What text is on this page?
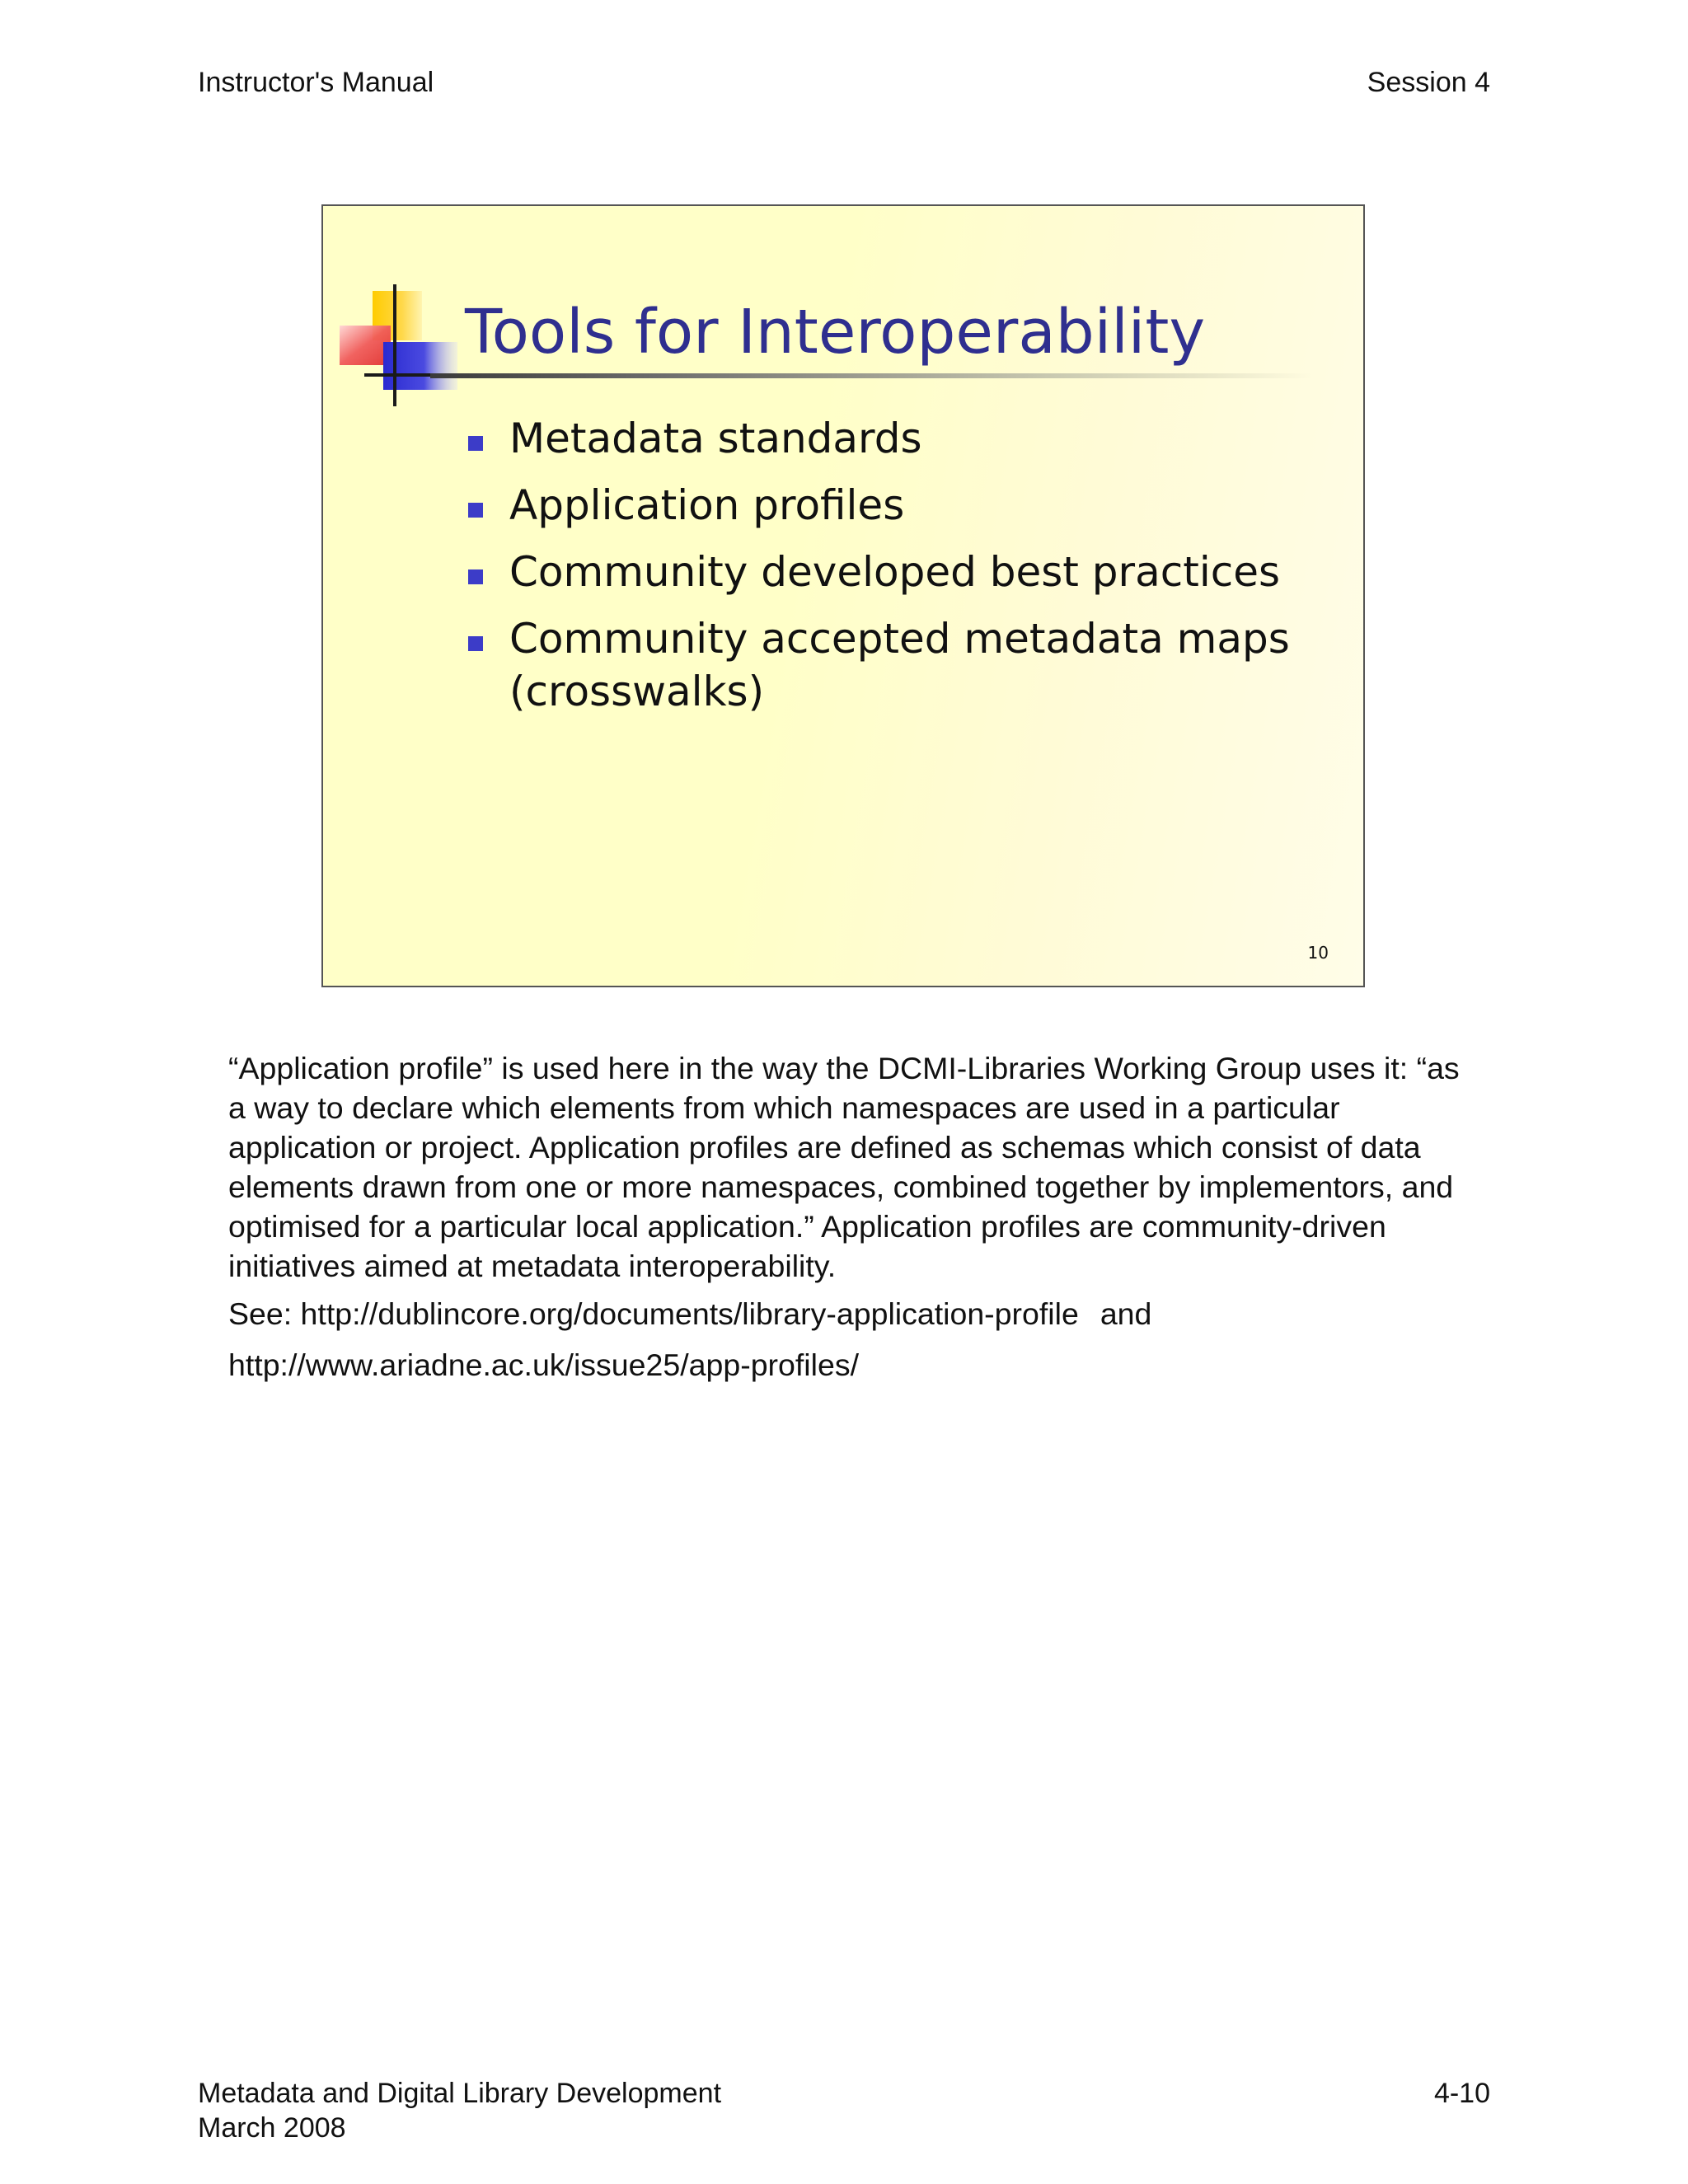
Instructor's Manual	Session 4
Tools for Interoperability
Metadata standards
Application profiles
Community developed best practices
Community accepted metadata maps (crosswalks)
10

“Application profile” is used here in the way the DCMI-Libraries Working Group uses it: “as a way to declare which elements from which namespaces are used in a particular application or project. Application profiles are defined as schemas which consist of data elements drawn from one or more namespaces, combined together by implementors, and optimised for a particular local application.” Application profiles are community-driven initiatives aimed at metadata interoperability.

See: http://dublincore.org/documents/library-application-profile and

http://www.ariadne.ac.uk/issue25/app-profiles/

Metadata and Digital Library Development
March 2008
4-10
